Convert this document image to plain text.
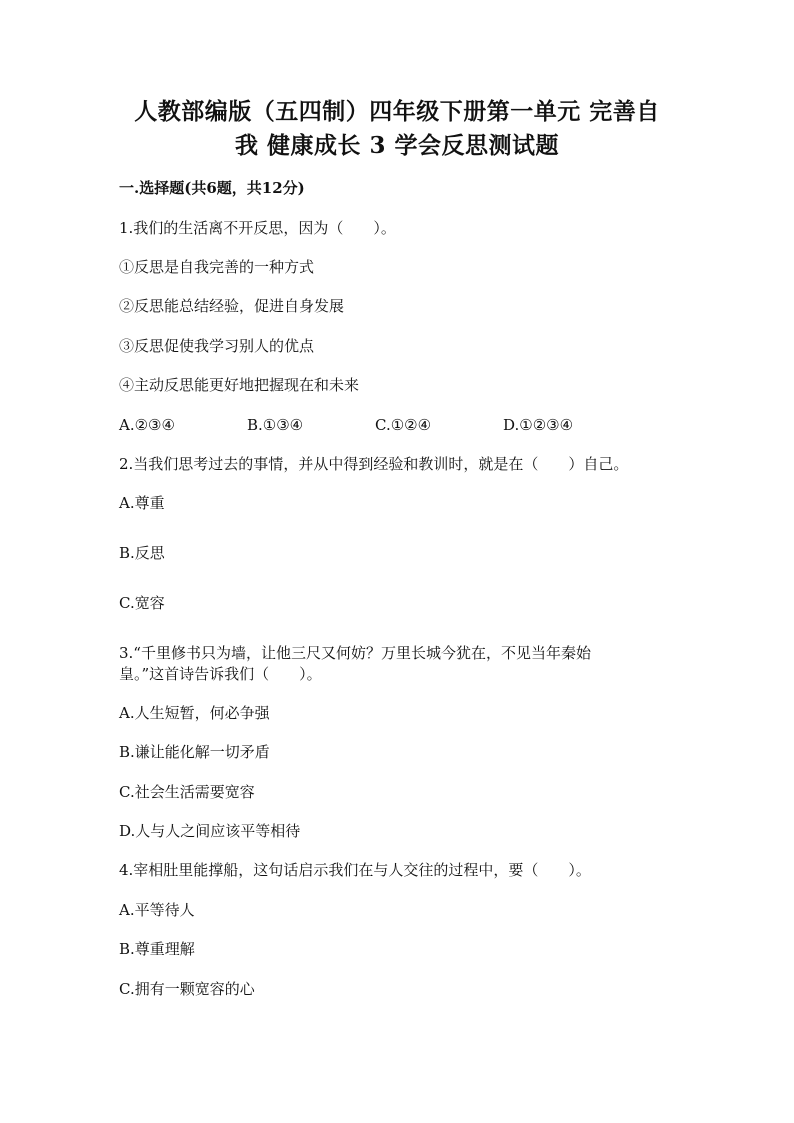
人教部编版（五四制）四年级下册第一单元 完善自
我 健康成长 3 学会反思测试题
一.选择题(共6题，共12分)
1.我们的生活离不开反思，因为（　　）。
①反思是自我完善的一种方式
②反思能总结经验，促进自身发展
③反思促使我学习别人的优点
④主动反思能更好地把握现在和未来
A.②③④	B.①③④	C.①②④	D.①②③④
2.当我们思考过去的事情，并从中得到经验和教训时，就是在（　　）自己。
A.尊重
B.反思
C.宽容
3.“千里修书只为墙，让他三尺又何妨？万里长城今犹在，不见当年秦始
皇。”这首诗告诉我们（　　）。
A.人生短暂，何必争强
B.谦让能化解一切矛盾
C.社会生活需要宽容
D.人与人之间应该平等相待
4.宰相肚里能撑船，这句话启示我们在与人交往的过程中，要（　　）。
A.平等待人
B.尊重理解
C.拥有一颗宽容的心
